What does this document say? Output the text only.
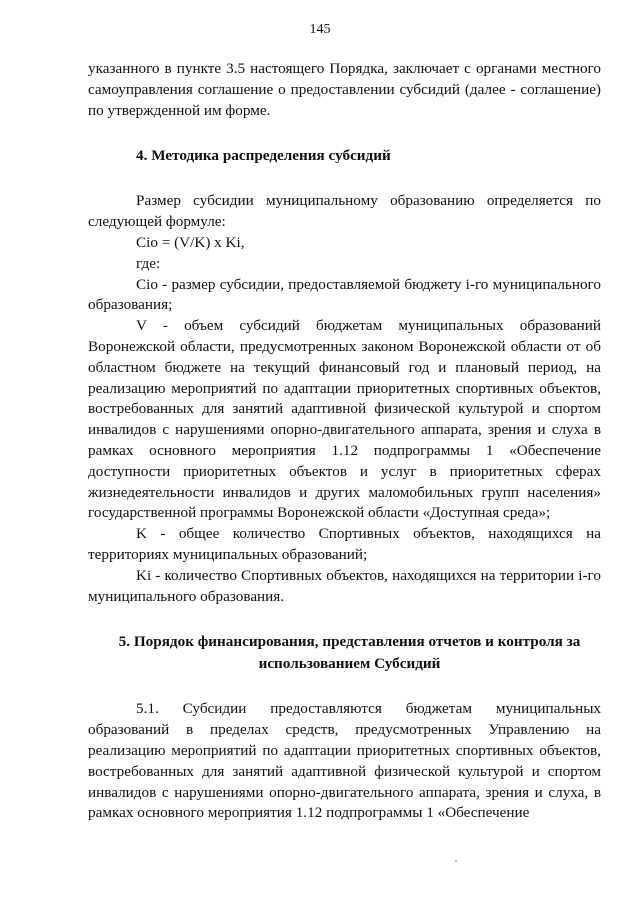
145

указанного в пункте 3.5 настоящего Порядка, заключает с органами местного самоуправления соглашение о предоставлении субсидий (далее - соглашение) по утвержденной им форме.

4. Методика распределения субсидий

Размер субсидии муниципальному образованию определяется по следующей формуле:

Cio = (V/K) x Ki,

где:

Cio - размер субсидии, предоставляемой бюджету i-го муниципального образования;

V - объем субсидий бюджетам муниципальных образований Воронежской области, предусмотренных законом Воронежской области от об областном бюджете на текущий финансовый год и плановый период, на реализацию мероприятий по адаптации приоритетных спортивных объектов, востребованных для занятий адаптивной физической культурой и спортом инвалидов с нарушениями опорно-двигательного аппарата, зрения и слуха в рамках основного мероприятия 1.12 подпрограммы 1 «Обеспечение доступности приоритетных объектов и услуг в приоритетных сферах жизнедеятельности инвалидов и других маломобильных групп населения» государственной программы Воронежской области «Доступная среда»;

K - общее количество Спортивных объектов, находящихся на территориях муниципальных образований;

Ki - количество Спортивных объектов, находящихся на территории i-го муниципального образования.

5. Порядок финансирования, представления отчетов и контроля за использованием Субсидий

5.1. Субсидии предоставляются бюджетам муниципальных образований в пределах средств, предусмотренных Управлению на реализацию мероприятий по адаптации приоритетных спортивных объектов, востребованных для занятий адаптивной физической культурой и спортом инвалидов с нарушениями опорно-двигательного аппарата, зрения и слуха, в рамках основного мероприятия 1.12 подпрограммы 1 «Обеспечение
